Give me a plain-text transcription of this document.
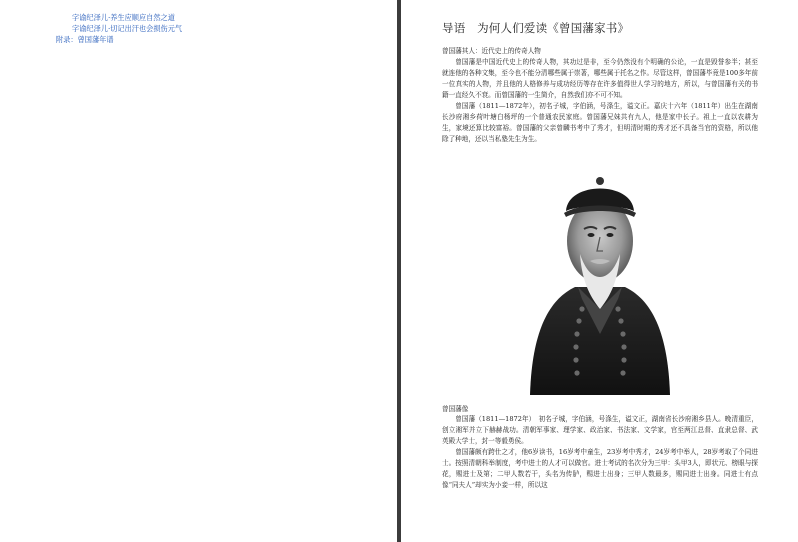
字谕纪泽儿·养生应顺应自然之道
字谕纪泽儿·切记出汗也会损伤元气
附录：曾国藩年谱
导语　为何人们爱读《曾国藩家书》
曾国藩其人：近代史上的传奇人物

曾国藩是中国近代史上的传奇人物，其功过是非，至今仍然没有个明确的公论，一直是毁誉参半；甚至就连他的各种文集，至今也不能分清哪些属于崇著，哪些属于托名之作。尽管这样，曾国藩毕竟是100多年前一位真实的人物，并且他的人格修养与成功经历等存在许多值得世人学习的地方，所以，与曾国藩有关的书籍一直经久不衰。而曾国藩的一生简介，自然我们亦不可不知。

曾国藩（1811—1872年），初名子城，字伯涵，号涤生，谥文正。嘉庆十六年（1811年）出生在湖南长沙府湘乡荷叶塘白杨坪的一个普通农民家庭。曾国藩兄妹共有九人，他是家中长子。祖上一直以农耕为生，家境还算比较富裕。曾国藩的父亲曾麟书考中了秀才，但明清时期的秀才还不具备当官的资格，所以他除了种地，还以当私塾先生为生。

曾国藩像

曾国藩（1811—1872年）　初名子城，字伯涵，号涤生，谥文正，湖南省长沙府湘乡县人。晚清重臣，创立湘军并立下赫赫战功。清朝军事家、理学家、政治家、书法家、文学家，官至两江总督、直隶总督、武英殿大学士，封一等毅勇侯。

曾国藩颇有跨仕之才，他6岁读书，16岁考中童生，23岁考中秀才，24岁考中举人，28岁考取了个同进士。按照清朝科举制度，考中进士的人才可以做官。进士考试的名次分为三甲：头甲3人，即状元、榜眼与探花，赐进士及第；二甲人数若干，头名为传胪，赐进士出身；三甲人数最多，赐同进士出身。同进士有点像“同夫人”却实为小妾一样，所以这
